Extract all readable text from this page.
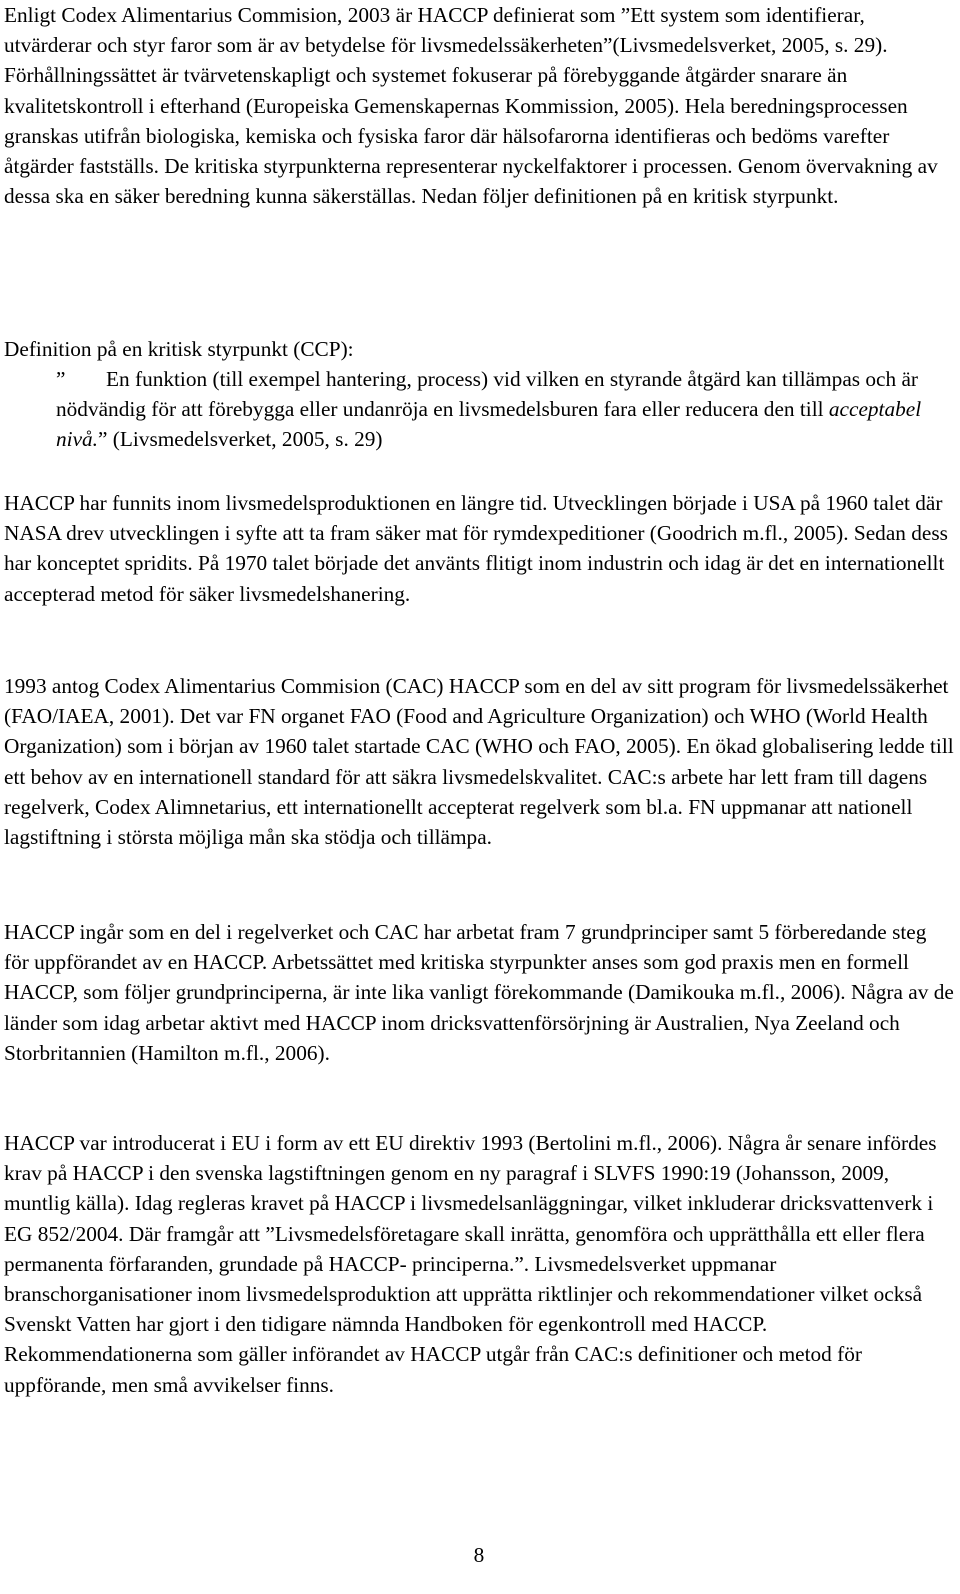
Enligt Codex Alimentarius Commision, 2003 är HACCP definierat som ”Ett system som identifierar, utvärderar och styr faror som är av betydelse för livsmedelssäkerheten”(Livsmedelsverket, 2005, s. 29). Förhållningssättet är tvärvetenskapligt och systemet fokuserar på förebyggande åtgärder snarare än kvalitetskontroll i efterhand (Europeiska Gemenskapernas Kommission, 2005). Hela beredningsprocessen granskas utifrån biologiska, kemiska och fysiska faror där hälsofarorna identifieras och bedöms varefter åtgärder fastställs. De kritiska styrpunkterna representerar nyckelfaktorer i processen. Genom övervakning av dessa ska en säker beredning kunna säkerställas. Nedan följer definitionen på en kritisk styrpunkt.

Definition på en kritisk styrpunkt (CCP):

” En funktion (till exempel hantering, process) vid vilken en styrande åtgärd kan tillämpas och är nödvändig för att förebygga eller undanröja en livsmedelsburen fara eller reducera den till acceptabel nivå.” (Livsmedelsverket, 2005, s. 29)

HACCP har funnits inom livsmedelsproduktionen en längre tid. Utvecklingen började i USA på 1960 talet där NASA drev utvecklingen i syfte att ta fram säker mat för rymdexpeditioner (Goodrich m.fl., 2005). Sedan dess har konceptet spridits. På 1970 talet började det använts flitigt inom industrin och idag är det en internationellt accepterad metod för säker livsmedelshanering.

1993 antog Codex Alimentarius Commision (CAC) HACCP som en del av sitt program för livsmedelssäkerhet (FAO/IAEA, 2001). Det var FN organet FAO (Food and Agriculture Organization) och WHO (World Health Organization) som i början av 1960 talet startade CAC (WHO och FAO, 2005). En ökad globalisering ledde till ett behov av en internationell standard för att säkra livsmedelskvalitet. CAC:s arbete har lett fram till dagens regelverk, Codex Alimnetarius, ett internationellt accepterat regelverk som bl.a. FN uppmanar att nationell lagstiftning i största möjliga mån ska stödja och tillämpa.

HACCP ingår som en del i regelverket och CAC har arbetat fram 7 grundprinciper samt 5 förberedande steg för uppförandet av en HACCP. Arbetssättet med kritiska styrpunkter anses som god praxis men en formell HACCP, som följer grundprinciperna, är inte lika vanligt förekommande (Damikouka m.fl., 2006). Några av de länder som idag arbetar aktivt med HACCP inom dricksvattenförsörjning är Australien, Nya Zeeland och Storbritannien (Hamilton m.fl., 2006).

HACCP var introducerat i EU i form av ett EU direktiv 1993 (Bertolini m.fl., 2006). Några år senare infördes krav på HACCP i den svenska lagstiftningen genom en ny paragraf i SLVFS 1990:19 (Johansson, 2009, muntlig källa). Idag regleras kravet på HACCP i livsmedelsanläggningar, vilket inkluderar dricksvattenverk i EG 852/2004. Där framgår att ”Livsmedelsföretagare skall inrätta, genomföra och upprätthålla ett eller flera permanenta förfaranden, grundade på HACCP- principerna.”. Livsmedelsverket uppmanar branschorganisationer inom livsmedelsproduktion att upprätta riktlinjer och rekommendationer vilket också Svenskt Vatten har gjort i den tidigare nämnda Handboken för egenkontroll med HACCP. Rekommendationerna som gäller införandet av HACCP utgår från CAC:s definitioner och metod för uppförande, men små avvikelser finns.

8
